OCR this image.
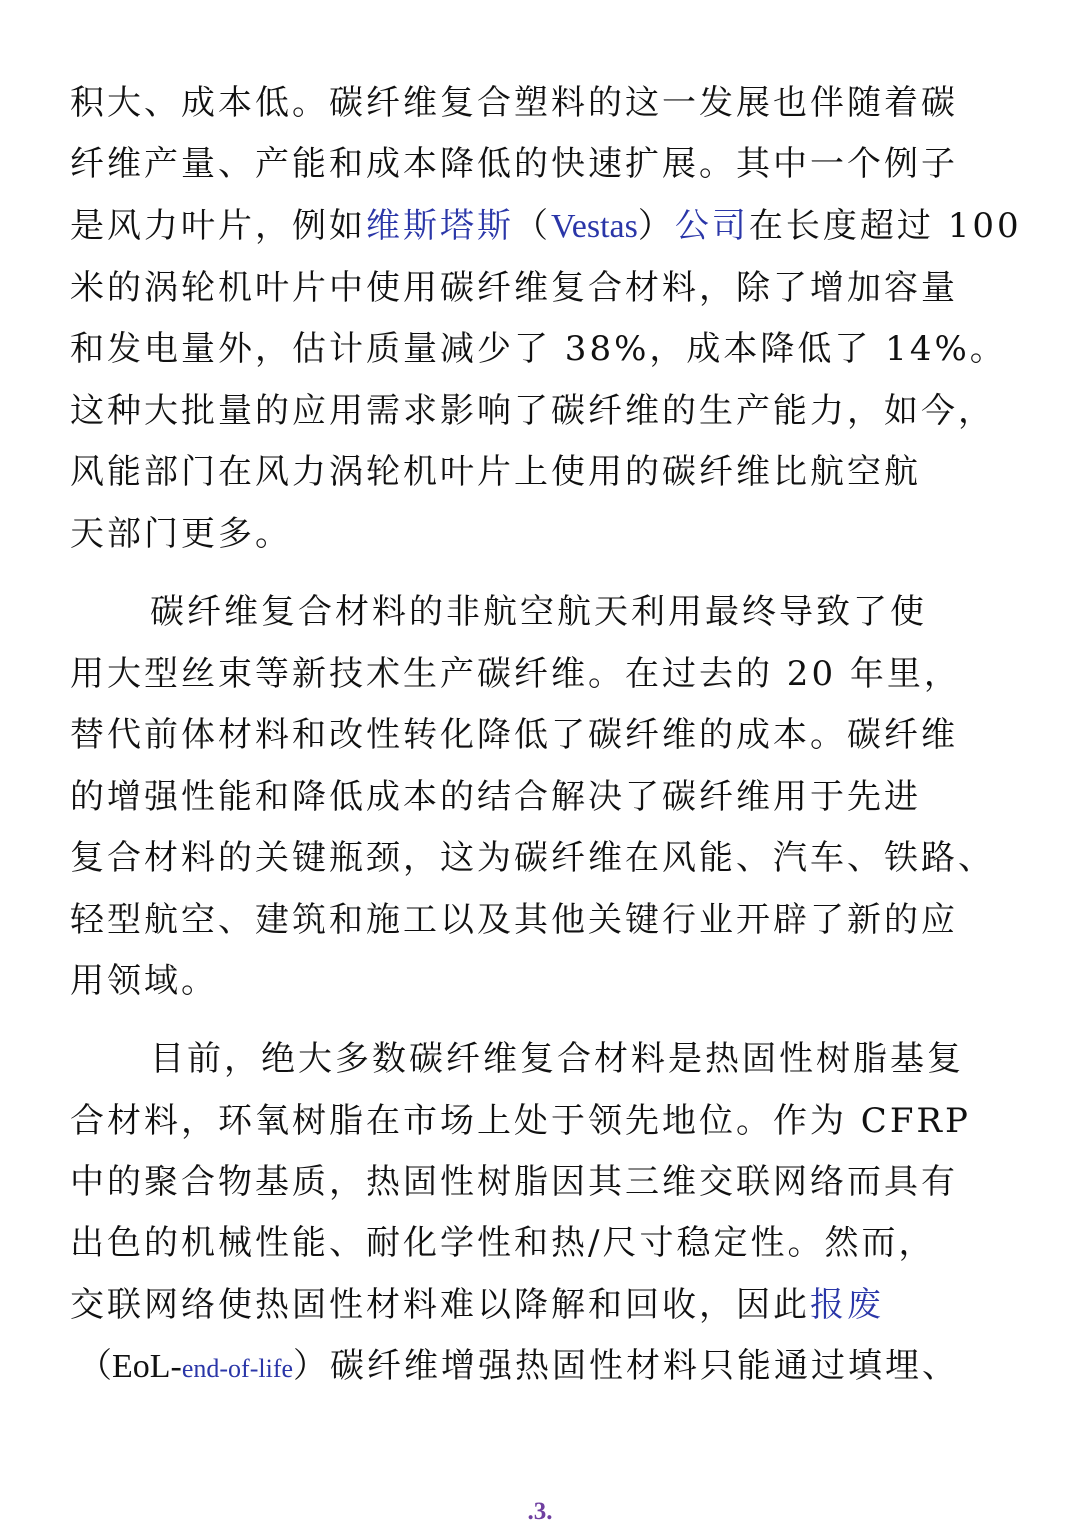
积大、成本低。碳纤维复合塑料的这一发展也伴随着碳
纤维产量、产能和成本降低的快速扩展。其中一个例子
是风力叶片，例如维斯塔斯（Vestas）公司在长度超过 100
米的涡轮机叶片中使用碳纤维复合材料，除了增加容量
和发电量外，估计质量减少了 38%，成本降低了 14%。
这种大批量的应用需求影响了碳纤维的生产能力，如今，
风能部门在风力涡轮机叶片上使用的碳纤维比航空航
天部门更多。
碳纤维复合材料的非航空航天利用最终导致了使
用大型丝束等新技术生产碳纤维。在过去的 20 年里，
替代前体材料和改性转化降低了碳纤维的成本。碳纤维
的增强性能和降低成本的结合解决了碳纤维用于先进
复合材料的关键瓶颈，这为碳纤维在风能、汽车、铁路、
轻型航空、建筑和施工以及其他关键行业开辟了新的应
用领域。
目前，绝大多数碳纤维复合材料是热固性树脂基复
合材料，环氧树脂在市场上处于领先地位。作为 CFRP
中的聚合物基质，热固性树脂因其三维交联网络而具有
出色的机械性能、耐化学性和热/尺寸稳定性。然而，
交联网络使热固性材料难以降解和回收，因此报废
（EoL-end-of-life）碳纤维增强热固性材料只能通过填埋、
.3.
